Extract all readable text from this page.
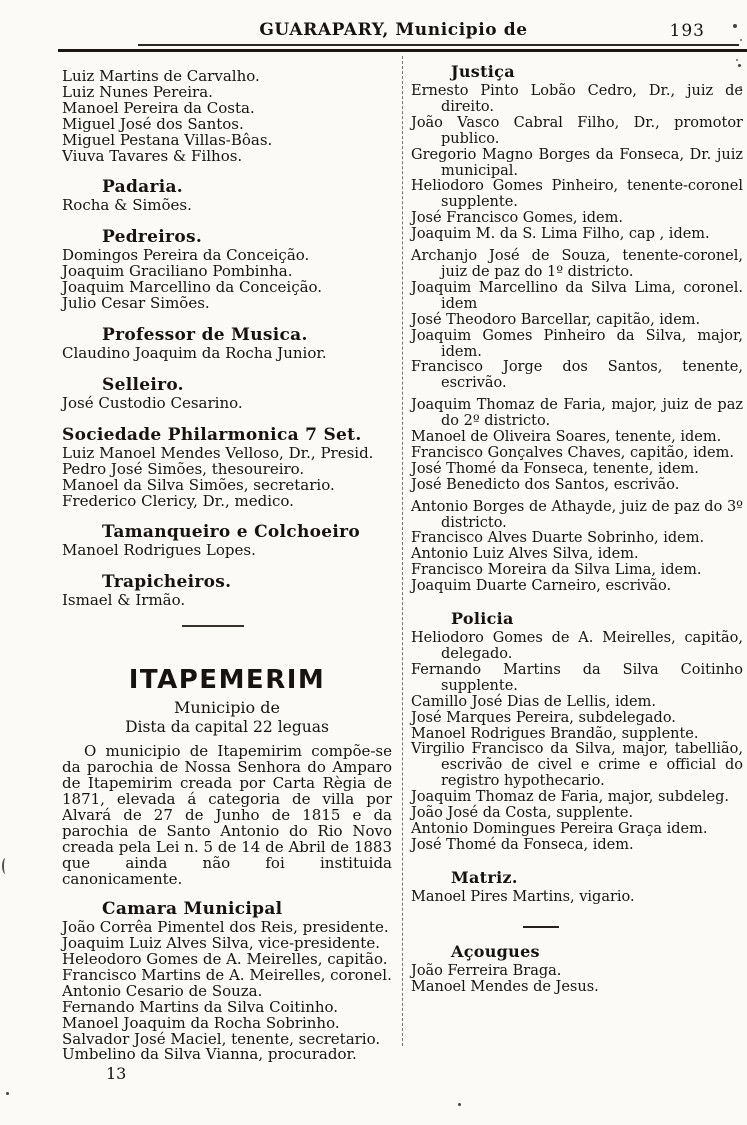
GUARAPARY, Municipio de	193
Luiz Martins de Carvalho.
Luiz Nunes Pereira.
Manoel Pereira da Costa.
Miguel José dos Santos.
Miguel Pestana Villas-Bôas.
Viuva Tavares & Filhos.
Padaria.
Rocha & Simões.
Pedreiros.
Domingos Pereira da Conceição.
Joaquim Graciliano Pombinha.
Joaquim Marcellino da Conceição.
Julio Cesar Simões.
Professor de Musica.
Claudino Joaquim da Rocha Junior.
Selleiro.
José Custodio Cesarino.
Sociedade Philarmonica 7 Set.
Luiz Manoel Mendes Velloso, Dr., Presid.
Pedro José Simões, thesoureiro.
Manoel da Silva Simões, secretario.
Frederico Clericy, Dr., medico.
Tamanqueiro e Colchoeiro
Manoel Rodrigues Lopes.
Trapicheiros.
Ismael & Irmão.
ITAPEMERIM
Municipio de
Dista da capital 22 leguas
O municipio de Itapemirim compõe-se da parochia de Nossa Senhora do Amparo de Itapemirim creada por Carta Règia de 1871, elevada á categoria de villa por Alvará de 27 de Junho de 1815 e da parochia de Santo Antonio do Rio Novo creada pela Lei n. 5 de 14 de Abril de 1883 que ainda não foi instituida canonicamente.
Camara Municipal
João Corrêa Pimentel dos Reis, presidente.
Joaquim Luiz Alves Silva, vice-presidente.
Heleodoro Gomes de A. Meirelles, capitão.
Francisco Martins de A. Meirelles, coronel.
Antonio Cesario de Souza.
Fernando Martins da Silva Coitinho.
Manoel Joaquim da Rocha Sobrinho.
Salvador José Maciel, tenente, secretario.
Umbelino da Silva Vianna, procurador.
13
Justiça
Ernesto Pinto Lobão Cedro, Dr., juiz de direito.
João Vasco Cabral Filho, Dr., promotor publico.
Gregorio Magno Borges da Fonseca, Dr. juiz municipal.
Heliodoro Gomes Pinheiro, tenente-coronel supplente.
José Francisco Gomes, idem.
Joaquim M. da S. Lima Filho, cap , idem.
Archanjo José de Souza, tenente-coronel, juiz de paz do 1º districto.
Joaquim Marcellino da Silva Lima, coronel. idem
José Theodoro Barcellar, capitão, idem.
Joaquim Gomes Pinheiro da Silva, major, idem.
Francisco Jorge dos Santos, tenente, escrivão.
Joaquim Thomaz de Faria, major, juiz de paz do 2º districto.
Manoel de Oliveira Soares, tenente, idem.
Francisco Gonçalves Chaves, capitão, idem.
José Thomé da Fonseca, tenente, idem.
José Benedicto dos Santos, escrivão.
Antonio Borges de Athayde, juiz de paz do 3º districto.
Francisco Alves Duarte Sobrinho, idem.
Antonio Luiz Alves Silva, idem.
Francisco Moreira da Silva Lima, idem.
Joaquim Duarte Carneiro, escrivão.
Policia
Heliodoro Gomes de A. Meirelles, capitão, delegado.
Fernando Martins da Silva Coitinho supplente.
Camillo José Dias de Lellis, idem.
José Marques Pereira, subdelegado.
Manoel Rodrigues Brandão, supplente.
Virgilio Francisco da Silva, major, tabellião, escrivão de civel e crime e official do registro hypothecario.
Joaquim Thomaz de Faria, major, subdeleg.
João José da Costa, supplente.
Antonio Domingues Pereira Graça idem.
José Thomé da Fonseca, idem.
Matriz.
Manoel Pires Martins, vigario.
Açougues
João Ferreira Braga.
Manoel Mendes de Jesus.
